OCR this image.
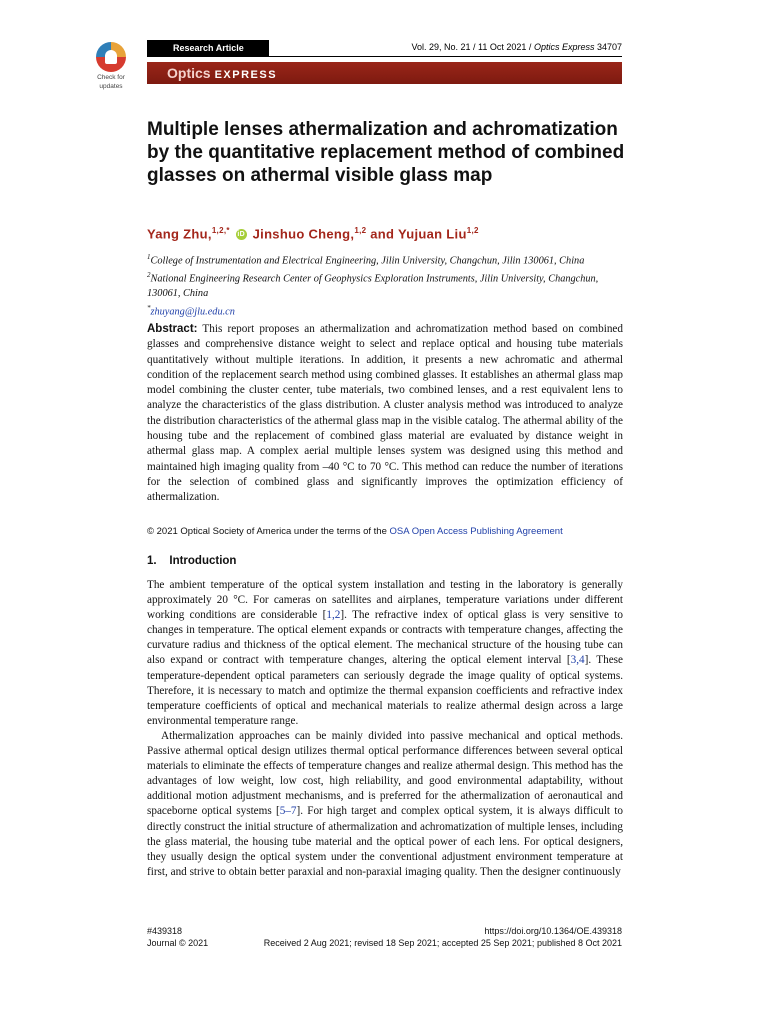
Check for
updates
Research Article	Vol. 29, No. 21 / 11 Oct 2021 / Optics Express 34707
Optics EXPRESS
Multiple lenses athermalization and achromatization by the quantitative replacement method of combined glasses on athermal visible glass map
Yang Zhu,$^{1,2,*}$ iD Jinshuo Cheng,$^{1,2}$ and Yujuan Liu$^{1,2}$
$^1$College of Instrumentation and Electrical Engineering, Jilin University, Changchun, Jilin 130061, China
$^2$National Engineering Research Center of Geophysics Exploration Instruments, Jilin University, Changchun, 130061, China
*zhuyang@jlu.edu.cn
Abstract: This report proposes an athermalization and achromatization method based on combined glasses and comprehensive distance weight to select and replace optical and housing tube materials quantitatively without multiple iterations. In addition, it presents a new achromatic and athermal condition of the replacement search method using combined glasses. It establishes an athermal glass map model combining the cluster center, tube materials, two combined lenses, and a rest equivalent lens to analyze the characteristics of the glass distribution. A cluster analysis method was introduced to analyze the distribution characteristics of the athermal glass map in the visible catalog. The athermal ability of the housing tube and the replacement of combined glass material are evaluated by distance weight in athermal glass map. A complex aerial multiple lenses system was designed using this method and maintained high imaging quality from –40 °C to 70 °C. This method can reduce the number of iterations for the selection of combined glass and significantly improves the optimization efficiency of athermalization.
© 2021 Optical Society of America under the terms of the OSA Open Access Publishing Agreement
1.    Introduction

The ambient temperature of the optical system installation and testing in the laboratory is generally approximately 20 °C. For cameras on satellites and airplanes, temperature variations under different working conditions are considerable [1,2]. The refractive index of optical glass is very sensitive to changes in temperature. The optical element expands or contracts with temperature changes, affecting the curvature radius and thickness of the optical element. The mechanical structure of the housing tube can also expand or contract with temperature changes, altering the optical element interval [3,4]. These temperature-dependent optical parameters can seriously degrade the image quality of optical systems. Therefore, it is necessary to match and optimize the thermal expansion coefficients and refractive index temperature coefficients of optical and mechanical materials to realize athermal design across a large environmental temperature range.

Athermalization approaches can be mainly divided into passive mechanical and optical methods. Passive athermal optical design utilizes thermal optical performance differences between several optical materials to eliminate the effects of temperature changes and realize athermal design. This method has the advantages of low weight, low cost, high reliability, and good environmental adaptability, without additional motion adjustment mechanisms, and is preferred for the athermalization of aeronautical and spaceborne optical systems [5–7]. For high target and complex optical system, it is always difficult to directly construct the initial structure of athermalization and achromatization of multiple lenses, including the glass material, the housing tube material and the optical power of each lens. For optical designers, they usually design the optical system under the conventional adjustment environment temperature at first, and strive to obtain better paraxial and non-paraxial imaging quality. Then the designer continuously

#439318
Journal © 2021
https://doi.org/10.1364/OE.439318
Received 2 Aug 2021; revised 18 Sep 2021; accepted 25 Sep 2021; published 8 Oct 2021
